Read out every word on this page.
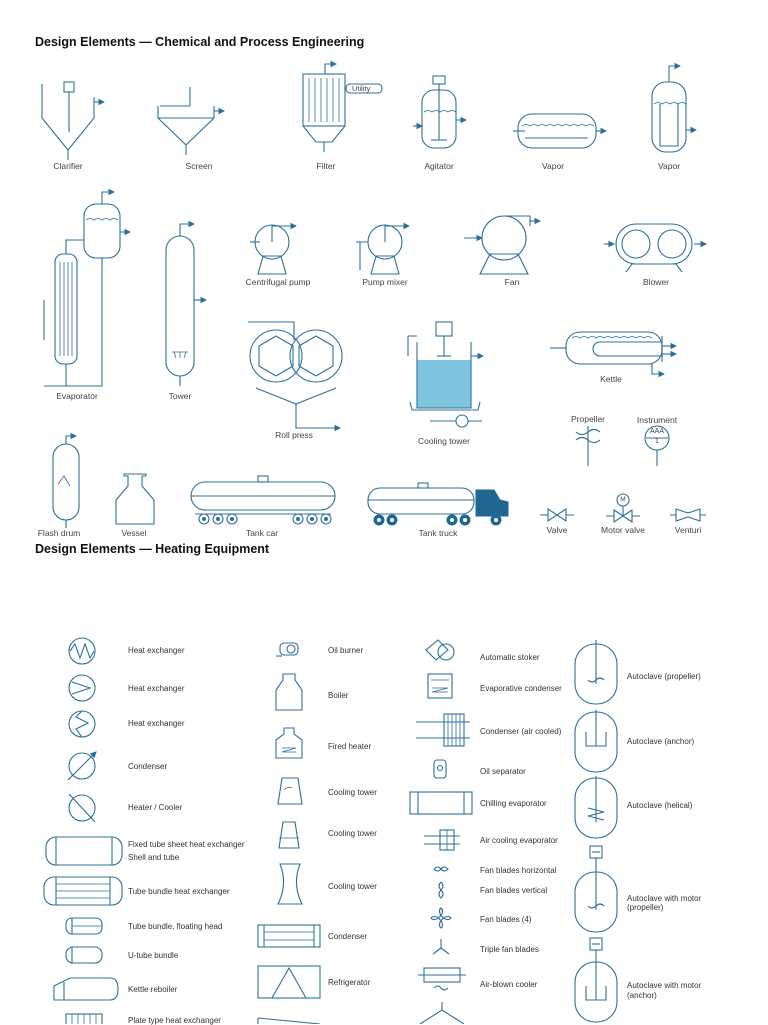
Design Elements — Chemical and Process Engineering
Design Elements — Heating Equipment
Clarifier	Screen	Filter
Utility
Agitator	Vapor	Vapor
Evaporator	Tower
Centrifugal pump	Pump mixer	Fan	Blower
Roll press
Cooling tower
Kettle
Propeller	Instrument
AAA
1
M
Flash drum	Vessel	Tank car	Tank truck	Valve	Motor valve	Venturi
Heat exchanger
Heat exchanger
Heat exchanger
Condenser
Heater / Cooler
Fixed tube sheet heat exchanger
Shell and tube
Tube bundle heat exchanger
Tube bundle, floating head
U-tube bundle
Kettle reboiler
Plate type heat exchanger
Oil burner
Boiler
Fired heater
Cooling tower
Cooling tower
Cooling tower
Condenser
Refrigerator
Automatic stoker
Evaporative condenser
Condenser (air cooled)
Oil separator
Chilling evaporator
Air cooling evaporator
Fan blades horizontal
Fan blades vertical
Fan blades (4)
Triple fan blades
Air-blown cooler
Autoclave (propeller)
Autoclave (anchor)
Autoclave (helical)
Autoclave with motor
(propeller)
Autoclave with motor
(anchor)
